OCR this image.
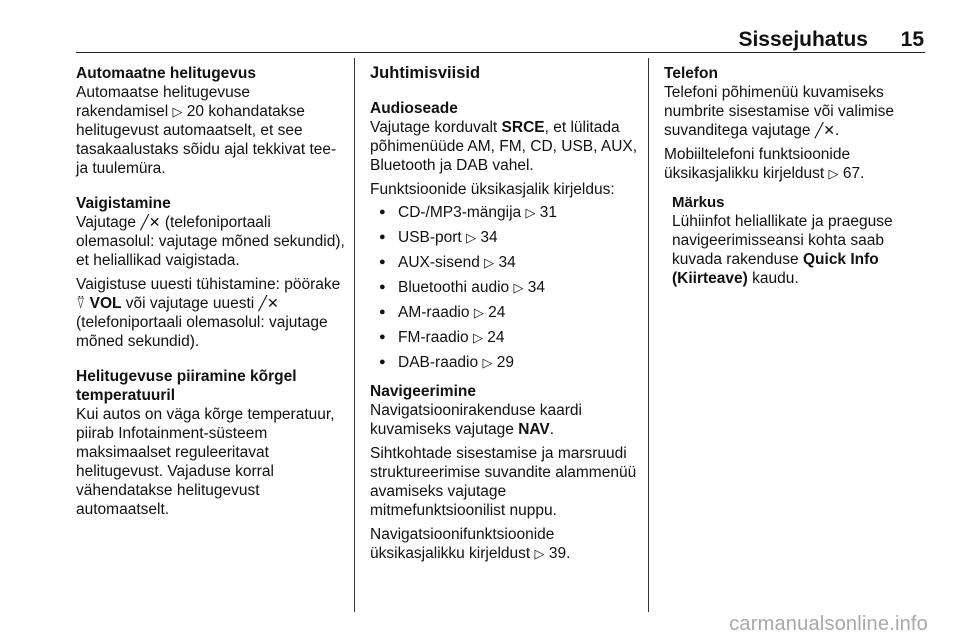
Sissejuhatus 15

Automaatne helitugevus

Automaatse helitugevuse rakendamisel ▷ 20 kohandatakse helitugevust automaatselt, et see tasakaalustaks sõidu ajal tekkivat tee- ja tuulemüra.

Vaigistamine

Vajutage ╱✕ (telefoniportaali olemasolul: vajutage mõned sekundid), et heliallikad vaigistada.

Vaigistuse uuesti tühistamine: pöörake ⍢ VOL või vajutage uuesti ╱✕ (telefoniportaali olemasolul: vajutage mõned sekundid).

Helitugevuse piiramine kõrgel temperatuuril

Kui autos on väga kõrge temperatuur, piirab Infotainment-süsteem maksimaalset reguleeritavat helitugevust. Vajaduse korral vähendatakse helitugevust automaatselt.

Juhtimisviisid

Audioseade

Vajutage korduvalt SRCE, et lülitada põhimenüüde AM, FM, CD, USB, AUX, Bluetooth ja DAB vahel.

Funktsioonide üksikasjalik kirjeldus:

● CD-/MP3-mängija ▷ 31
● USB-port ▷ 34
● AUX-sisend ▷ 34
● Bluetoothi audio ▷ 34
● AM-raadio ▷ 24
● FM-raadio ▷ 24
● DAB-raadio ▷ 29

Navigeerimine

Navigatsioonirakenduse kaardi kuvamiseks vajutage NAV.

Sihtkohtade sisestamise ja marsruudi struktureerimise suvandite alammenüü avamiseks vajutage mitmefunktsioonilist nuppu.

Navigatsioonifunktsioonide üksikasjalikku kirjeldust ▷ 39.

Telefon

Telefoni põhimenüü kuvamiseks numbrite sisestamise või valimise suvanditega vajutage ╱✕.

Mobiiltelefoni funktsioonide üksikasjalikku kirjeldust ▷ 67.

Märkus

Lühiinfot heliallikate ja praeguse navigeerimisseansi kohta saab kuvada rakenduse Quick Info (Kiirteave) kaudu.

carmanualsonline.info
